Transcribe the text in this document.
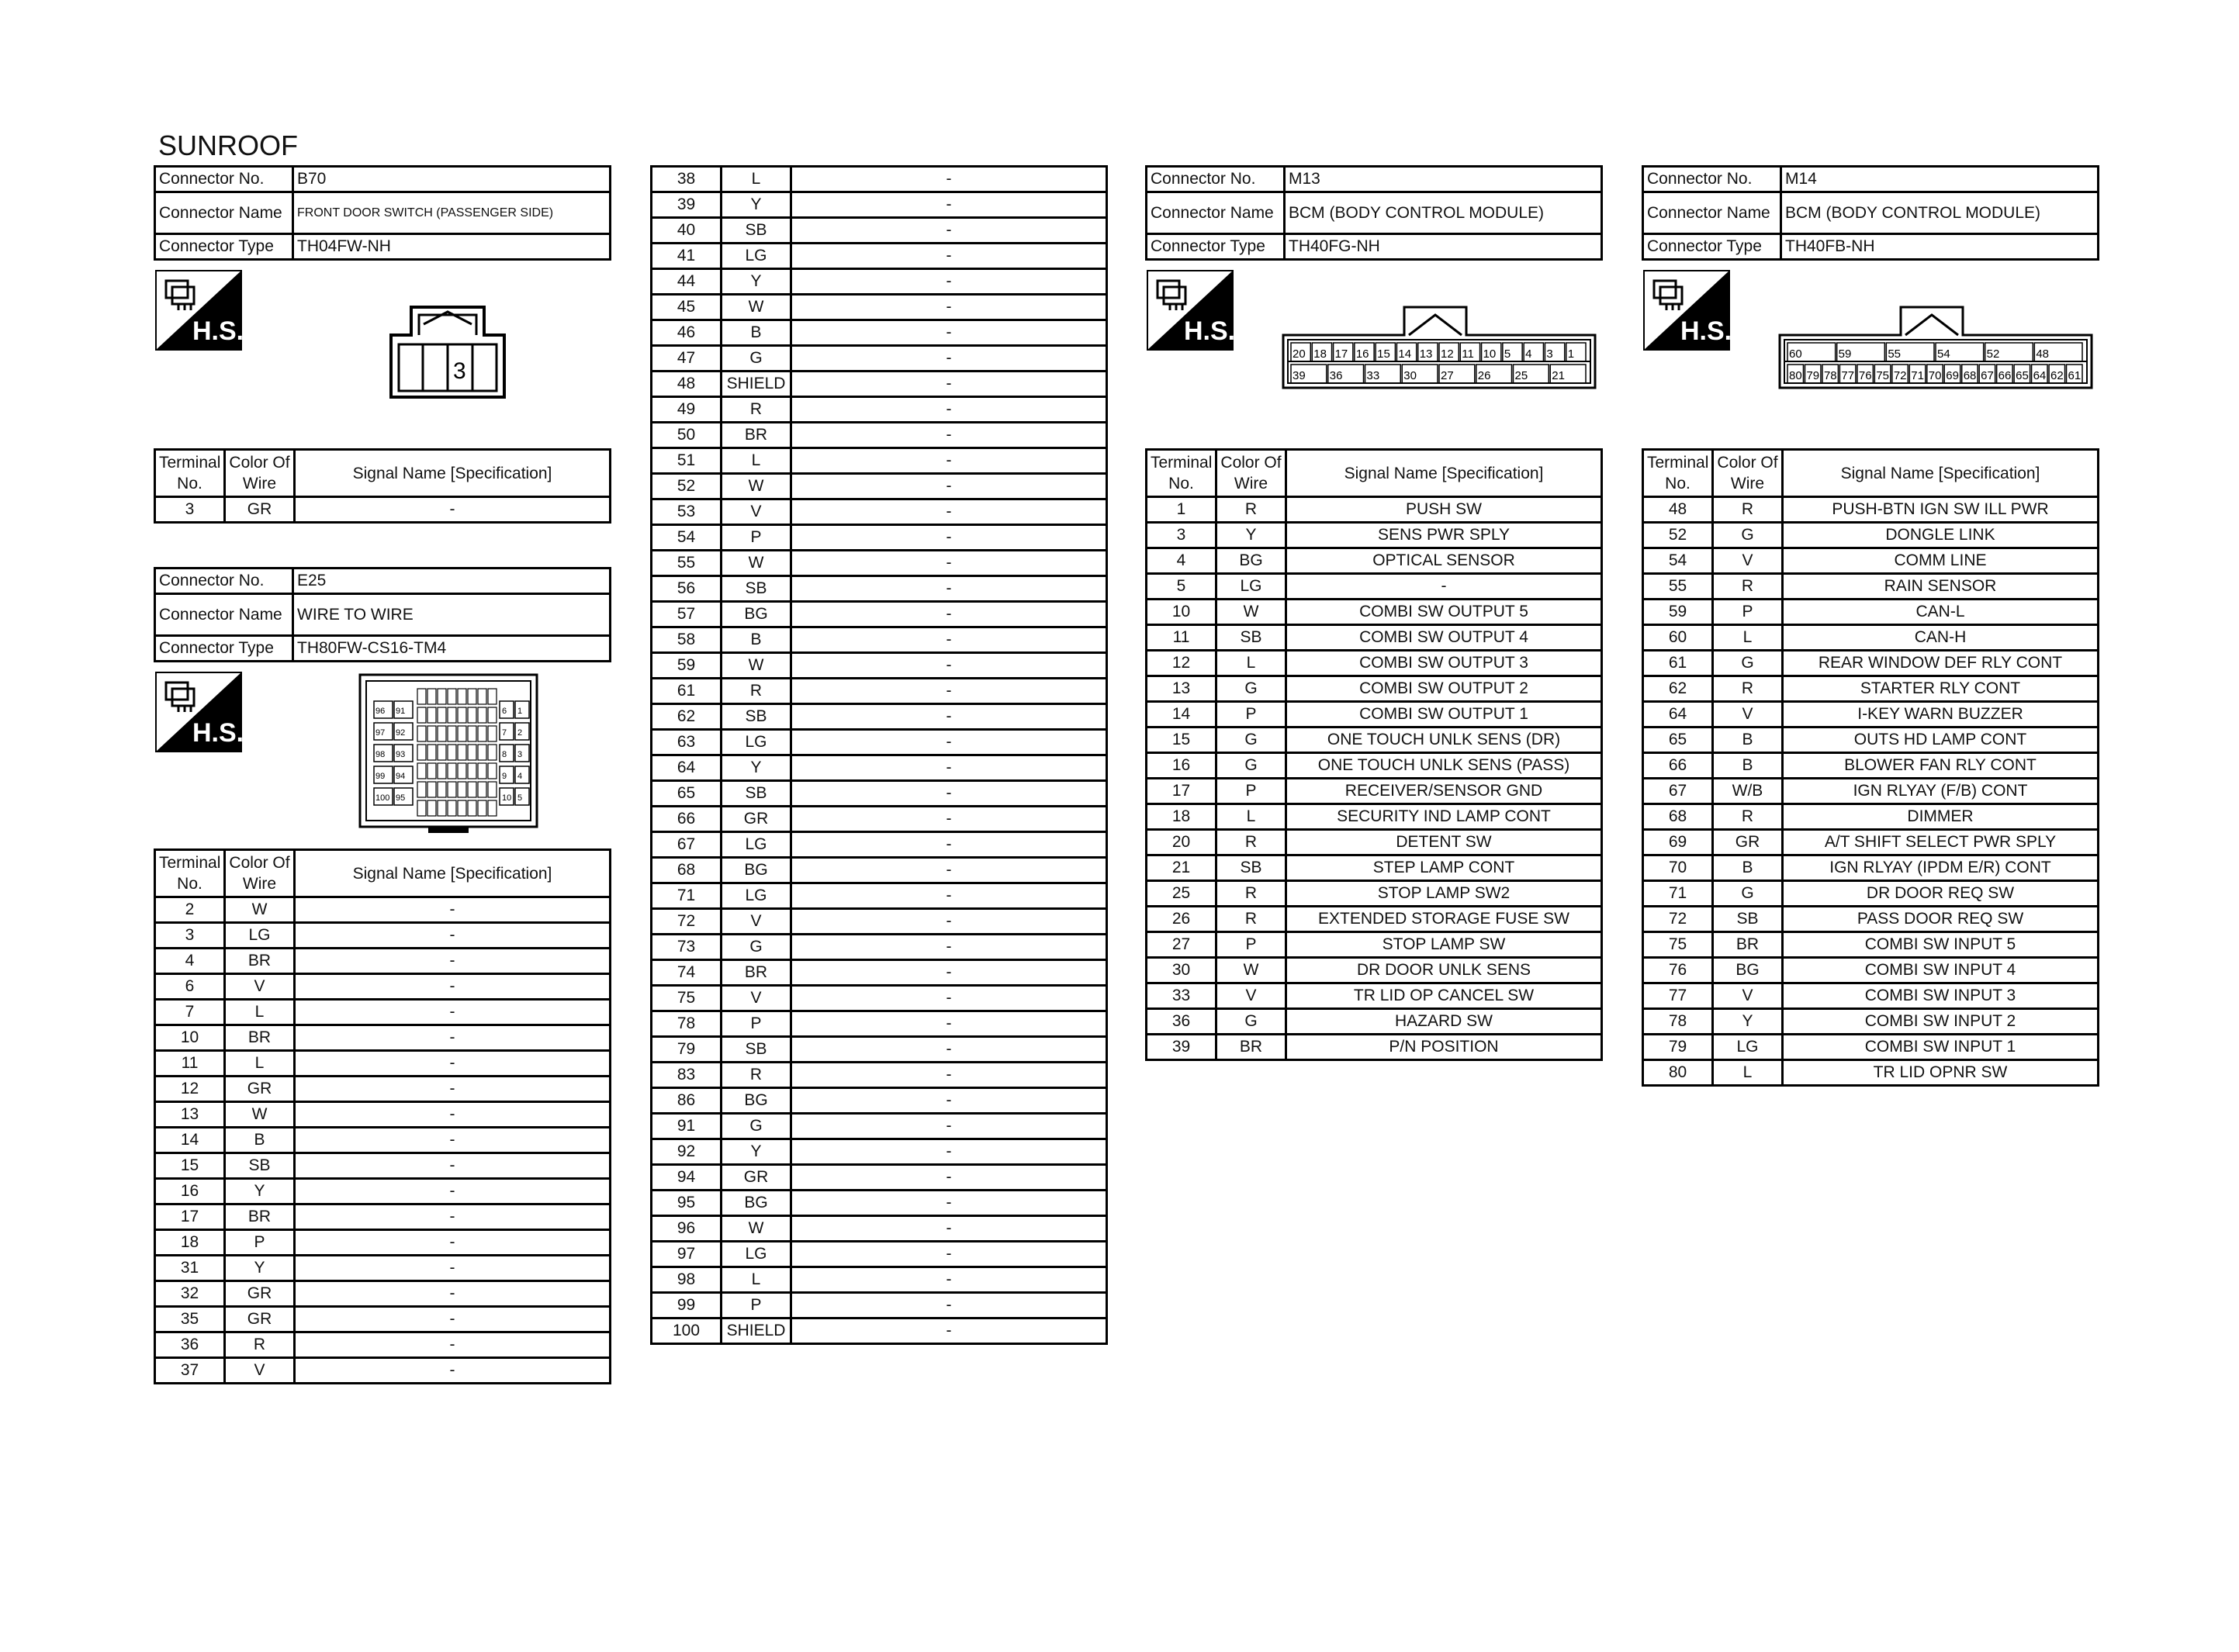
SUNROOF
Connector No.	B70
Connector Name	FRONT DOOR SWITCH (PASSENGER SIDE)
Connector Type	TH04FW-NH
H.S.
3
Terminal
No.	Color Of
Wire	Signal Name [Specification]
3	GR	-
Connector No.	E25
Connector Name	WIRE TO WIRE
Connector Type	TH80FW-CS16-TM4
H.S.
96 91
97 92
98 93
99 94
100 95
6 1
7 2
8 3
9 4
10 5
Terminal
No.	Color Of
Wire	Signal Name [Specification]
2	W	-
3	LG	-
4	BR	-
6	V	-
7	L	-
10	BR	-
11	L	-
12	GR	-
13	W	-
14	B	-
15	SB	-
16	Y	-
17	BR	-
18	P	-
31	Y	-
32	GR	-
35	GR	-
36	R	-
37	V	-
38	L	-
39	Y	-
40	SB	-
41	LG	-
44	Y	-
45	W	-
46	B	-
47	G	-
48	SHIELD	-
49	R	-
50	BR	-
51	L	-
52	W	-
53	V	-
54	P	-
55	W	-
56	SB	-
57	BG	-
58	B	-
59	W	-
61	R	-
62	SB	-
63	LG	-
64	Y	-
65	SB	-
66	GR	-
67	LG	-
68	BG	-
71	LG	-
72	V	-
73	G	-
74	BR	-
75	V	-
78	P	-
79	SB	-
83	R	-
86	BG	-
91	G	-
92	Y	-
94	GR	-
95	BG	-
96	W	-
97	LG	-
98	L	-
99	P	-
100	SHIELD	-
Connector No.	M13
Connector Name	BCM (BODY CONTROL MODULE)
Connector Type	TH40FG-NH
H.S.
20 18 17 16 15 14 13 12 11 10 5 4 3 1
39 36 33 30 27 26 25 21
Terminal
No.	Color Of
Wire	Signal Name [Specification]
1	R	PUSH SW
3	Y	SENS PWR SPLY
4	BG	OPTICAL SENSOR
5	LG	-
10	W	COMBI SW OUTPUT 5
11	SB	COMBI SW OUTPUT 4
12	L	COMBI SW OUTPUT 3
13	G	COMBI SW OUTPUT 2
14	P	COMBI SW OUTPUT 1
15	G	ONE TOUCH UNLK SENS (DR)
16	G	ONE TOUCH UNLK SENS (PASS)
17	P	RECEIVER/SENSOR GND
18	L	SECURITY IND LAMP CONT
20	R	DETENT SW
21	SB	STEP LAMP CONT
25	R	STOP LAMP SW2
26	R	EXTENDED STORAGE FUSE SW
27	P	STOP LAMP SW
30	W	DR DOOR UNLK SENS
33	V	TR LID OP CANCEL SW
36	G	HAZARD SW
39	BR	P/N POSITION
Connector No.	M14
Connector Name	BCM (BODY CONTROL MODULE)
Connector Type	TH40FB-NH
H.S.
60	59	55	54	52	48
80 79 78 77 76 75 72 71 70 69 68 67 66 65 64 62 61
Terminal
No.	Color Of
Wire	Signal Name [Specification]
48	R	PUSH-BTN IGN SW ILL PWR
52	G	DONGLE LINK
54	V	COMM LINE
55	R	RAIN SENSOR
59	P	CAN-L
60	L	CAN-H
61	G	REAR WINDOW DEF RLY CONT
62	R	STARTER RLY CONT
64	V	I-KEY WARN BUZZER
65	B	OUTS HD LAMP CONT
66	B	BLOWER FAN RLY CONT
67	W/B	IGN RLYAY (F/B) CONT
68	R	DIMMER
69	GR	A/T SHIFT SELECT PWR SPLY
70	B	IGN RLYAY (IPDM E/R) CONT
71	G	DR DOOR REQ SW
72	SB	PASS DOOR REQ SW
75	BR	COMBI SW INPUT 5
76	BG	COMBI SW INPUT 4
77	V	COMBI SW INPUT 3
78	Y	COMBI SW INPUT 2
79	LG	COMBI SW INPUT 1
80	L	TR LID OPNR SW
